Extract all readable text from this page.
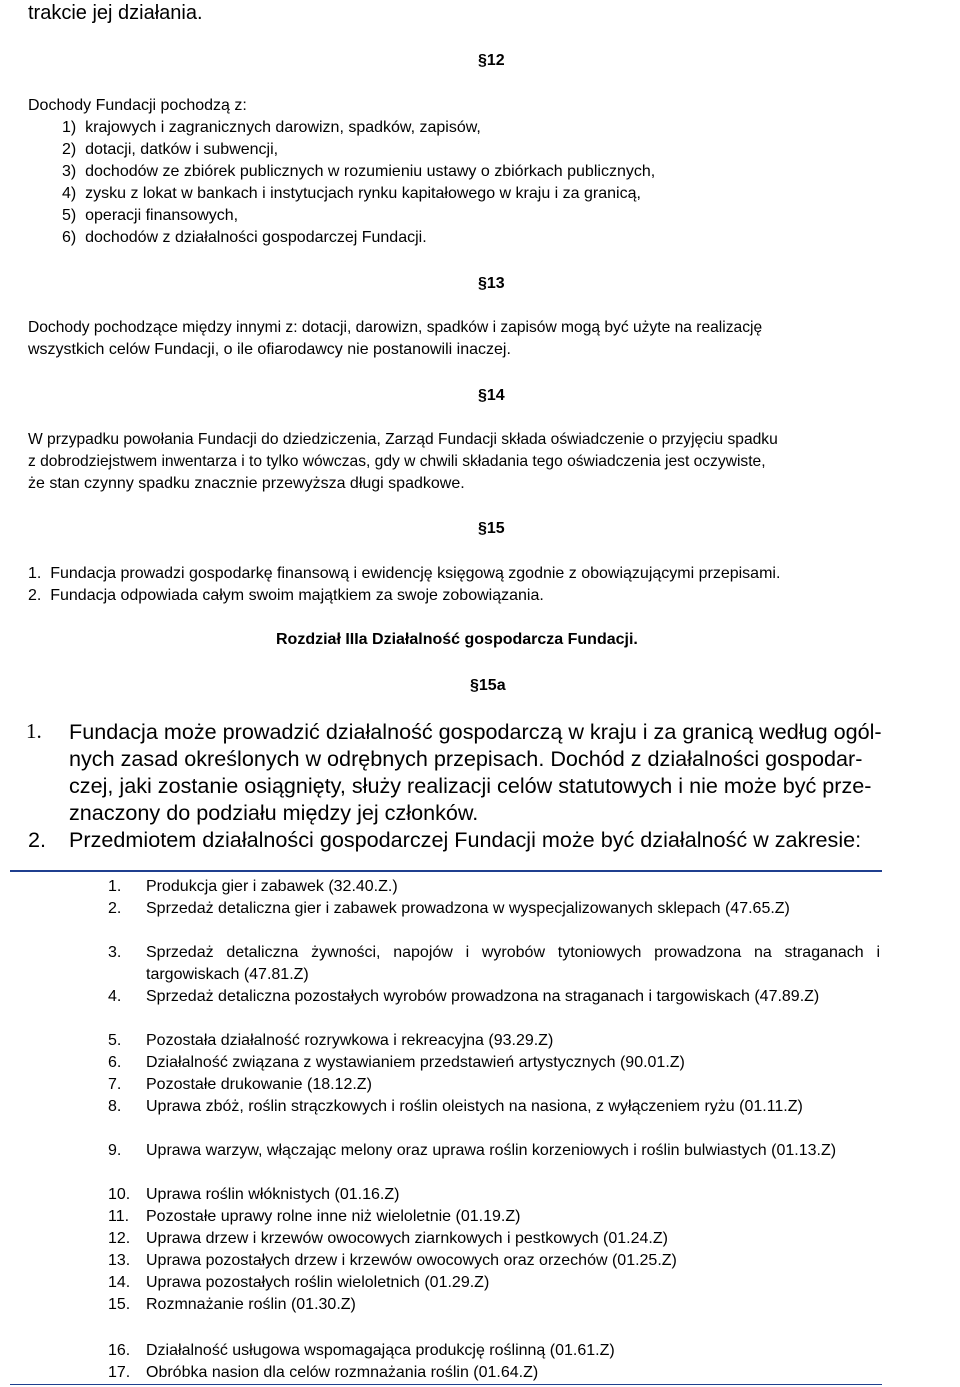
trakcie jej działania.
§12
Dochody Fundacji pochodzą z:
1)  krajowych i zagranicznych darowizn, spadków, zapisów,
2)  dotacji, datków i subwencji,
3)  dochodów ze zbiórek publicznych w rozumieniu ustawy o zbiórkach publicznych,
4)  zysku z lokat w bankach i instytucjach rynku kapitałowego w kraju i za granicą,
5)  operacji finansowych,
6)  dochodów z działalności gospodarczej Fundacji.
§13
Dochody pochodzące między innymi z: dotacji, darowizn, spadków i zapisów mogą być użyte na realizację
wszystkich celów Fundacji, o ile ofiarodawcy nie postanowili inaczej.
§14
W przypadku powołania Fundacji do dziedziczenia, Zarząd Fundacji składa oświadczenie o przyjęciu spadku
z dobrodziejstwem inwentarza i to tylko wówczas, gdy w chwili składania tego oświadczenia jest oczywiste,
że stan czynny spadku znacznie przewyższa długi spadkowe.
§15
1.  Fundacja prowadzi gospodarkę finansową i ewidencję księgową zgodnie z obowiązującymi przepisami.
2.  Fundacja odpowiada całym swoim majątkiem za swoje zobowiązania.
Rozdział IIIa Działalność gospodarcza Fundacji.
§15a
1. Fundacja może prowadzić działalność gospodarczą w kraju i za granicą według ogól-
nych zasad określonych w odrębnych przepisach. Dochód z działalności gospodar-
czej, jaki zostanie osiągnięty, służy realizacji celów statutowych i nie może być prze-
znaczony do podziału między jej członków.
2. Przedmiotem działalności gospodarczej Fundacji może być działalność w zakresie:
1.	Produkcja gier i zabawek (32.40.Z.)
2.	Sprzedaż detaliczna gier i zabawek prowadzona w wyspecjalizowanych sklepach (47.65.Z)
3.	Sprzedaż detaliczna żywności, napojów i wyrobów tytoniowych prowadzona na straganach i targowiskach (47.81.Z)
4.	Sprzedaż detaliczna pozostałych wyrobów prowadzona na straganach i targowiskach (47.89.Z)
5.	Pozostała działalność rozrywkowa i rekreacyjna (93.29.Z)
6.	Działalność związana z wystawianiem przedstawień artystycznych (90.01.Z)
7.	Pozostałe drukowanie (18.12.Z)
8.	Uprawa zbóż, roślin strączkowych i roślin oleistych na nasiona, z wyłączeniem ryżu (01.11.Z)
9.	Uprawa warzyw, włączając melony oraz uprawa roślin korzeniowych i roślin bulwiastych (01.13.Z)
10. Uprawa roślin włóknistych (01.16.Z)
11.	Pozostałe uprawy rolne inne niż wieloletnie (01.19.Z)
12. Uprawa drzew i krzewów owocowych ziarnkowych i pestkowych (01.24.Z)
13. Uprawa pozostałych drzew i krzewów owocowych oraz orzechów (01.25.Z)
14. Uprawa pozostałych roślin wieloletnich (01.29.Z)
15. Rozmnażanie roślin (01.30.Z)
16. Działalność usługowa wspomagająca produkcję roślinną (01.61.Z)
17. Obróbka nasion dla celów rozmnażania roślin (01.64.Z)
